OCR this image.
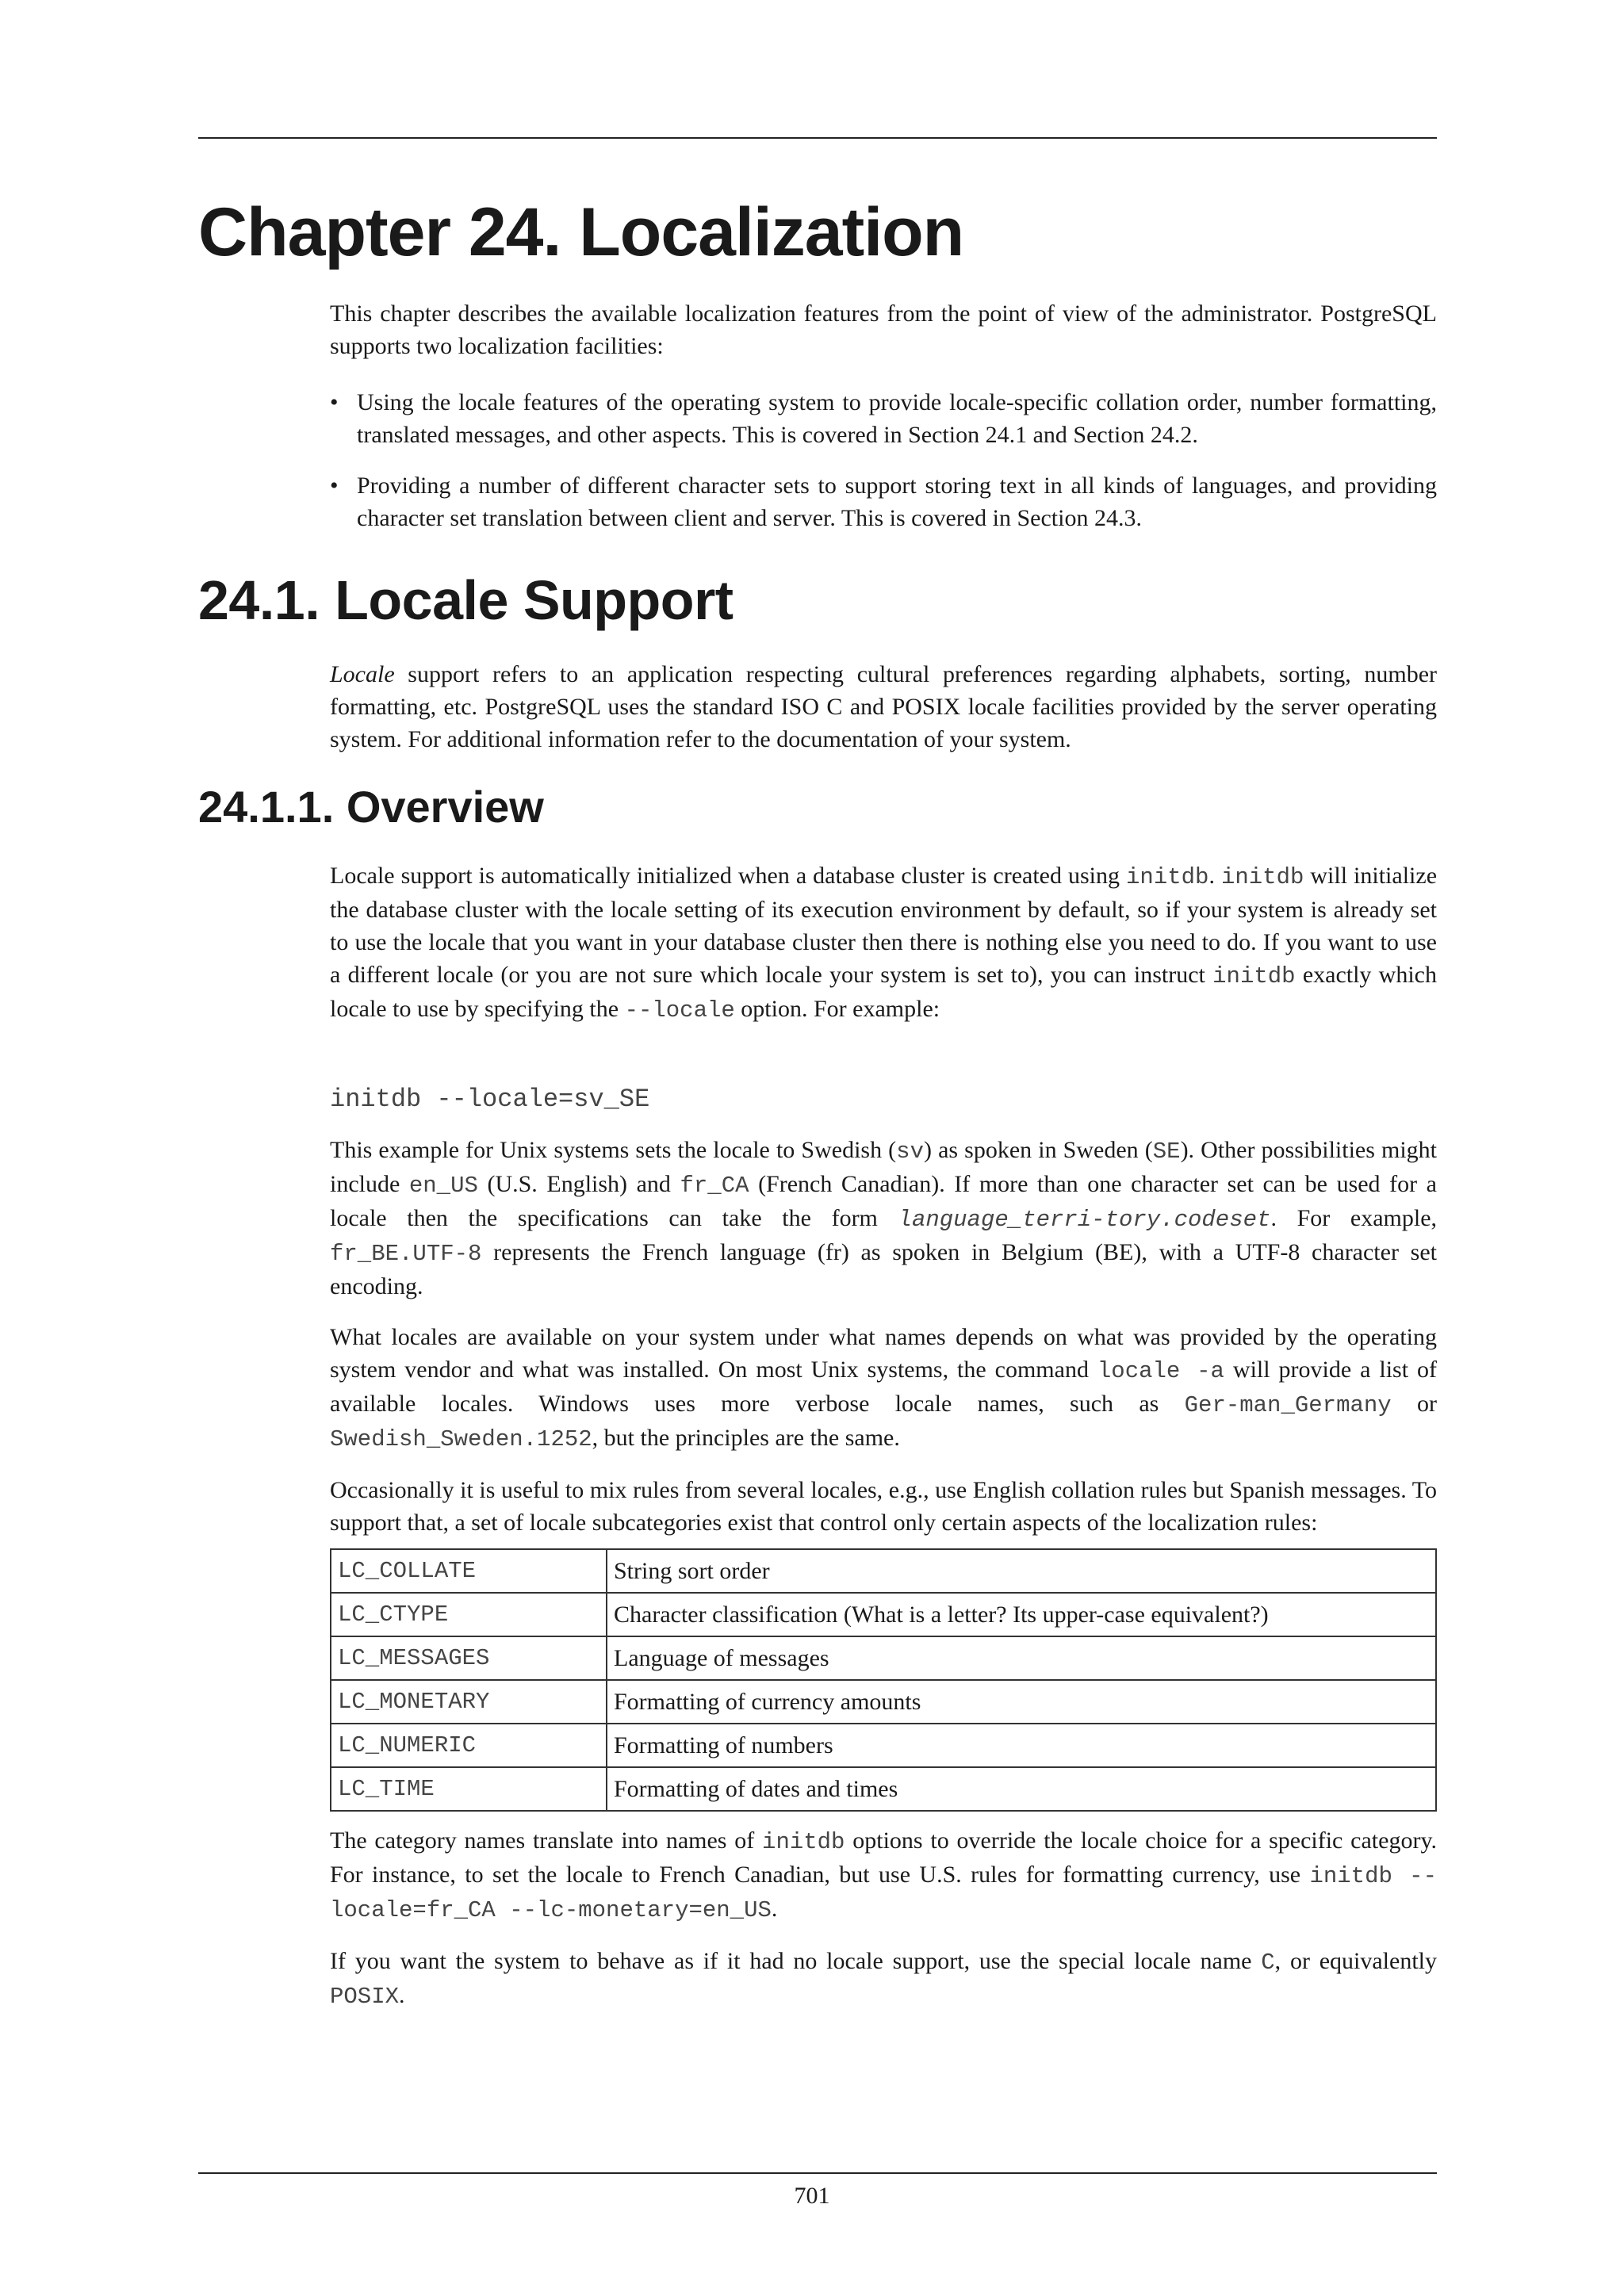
Chapter 24. Localization

This chapter describes the available localization features from the point of view of the administrator. PostgreSQL supports two localization facilities:

• Using the locale features of the operating system to provide locale-specific collation order, number formatting, translated messages, and other aspects. This is covered in Section 24.1 and Section 24.2.
• Providing a number of different character sets to support storing text in all kinds of languages, and providing character set translation between client and server. This is covered in Section 24.3.
24.1. Locale Support

Locale support refers to an application respecting cultural preferences regarding alphabets, sorting, number formatting, etc. PostgreSQL uses the standard ISO C and POSIX locale facilities provided by the server operating system. For additional information refer to the documentation of your system.

24.1.1. Overview

Locale support is automatically initialized when a database cluster is created using initdb. initdb will initialize the database cluster with the locale setting of its execution environment by default, so if your system is already set to use the locale that you want in your database cluster then there is nothing else you need to do. If you want to use a different locale (or you are not sure which locale your system is set to), you can instruct initdb exactly which locale to use by specifying the --locale option. For example:

initdb --locale=sv_SE

This example for Unix systems sets the locale to Swedish (sv) as spoken in Sweden (SE). Other possibilities might include en_US (U.S. English) and fr_CA (French Canadian). If more than one character set can be used for a locale then the specifications can take the form language_terri-tory.codeset. For example, fr_BE.UTF-8 represents the French language (fr) as spoken in Belgium (BE), with a UTF-8 character set encoding.

What locales are available on your system under what names depends on what was provided by the operating system vendor and what was installed. On most Unix systems, the command locale -a will provide a list of available locales. Windows uses more verbose locale names, such as Ger-man_Germany or Swedish_Sweden.1252, but the principles are the same.

Occasionally it is useful to mix rules from several locales, e.g., use English collation rules but Spanish messages. To support that, a set of locale subcategories exist that control only certain aspects of the localization rules:

LC_COLLATE	String sort order
LC_CTYPE	Character classification (What is a letter? Its upper-case equivalent?)
LC_MESSAGES	Language of messages
LC_MONETARY	Formatting of currency amounts
LC_NUMERIC	Formatting of numbers
LC_TIME	Formatting of dates and times

The category names translate into names of initdb options to override the locale choice for a specific category. For instance, to set the locale to French Canadian, but use U.S. rules for formatting currency, use initdb --locale=fr_CA --lc-monetary=en_US.

If you want the system to behave as if it had no locale support, use the special locale name C, or equivalently POSIX.

701
